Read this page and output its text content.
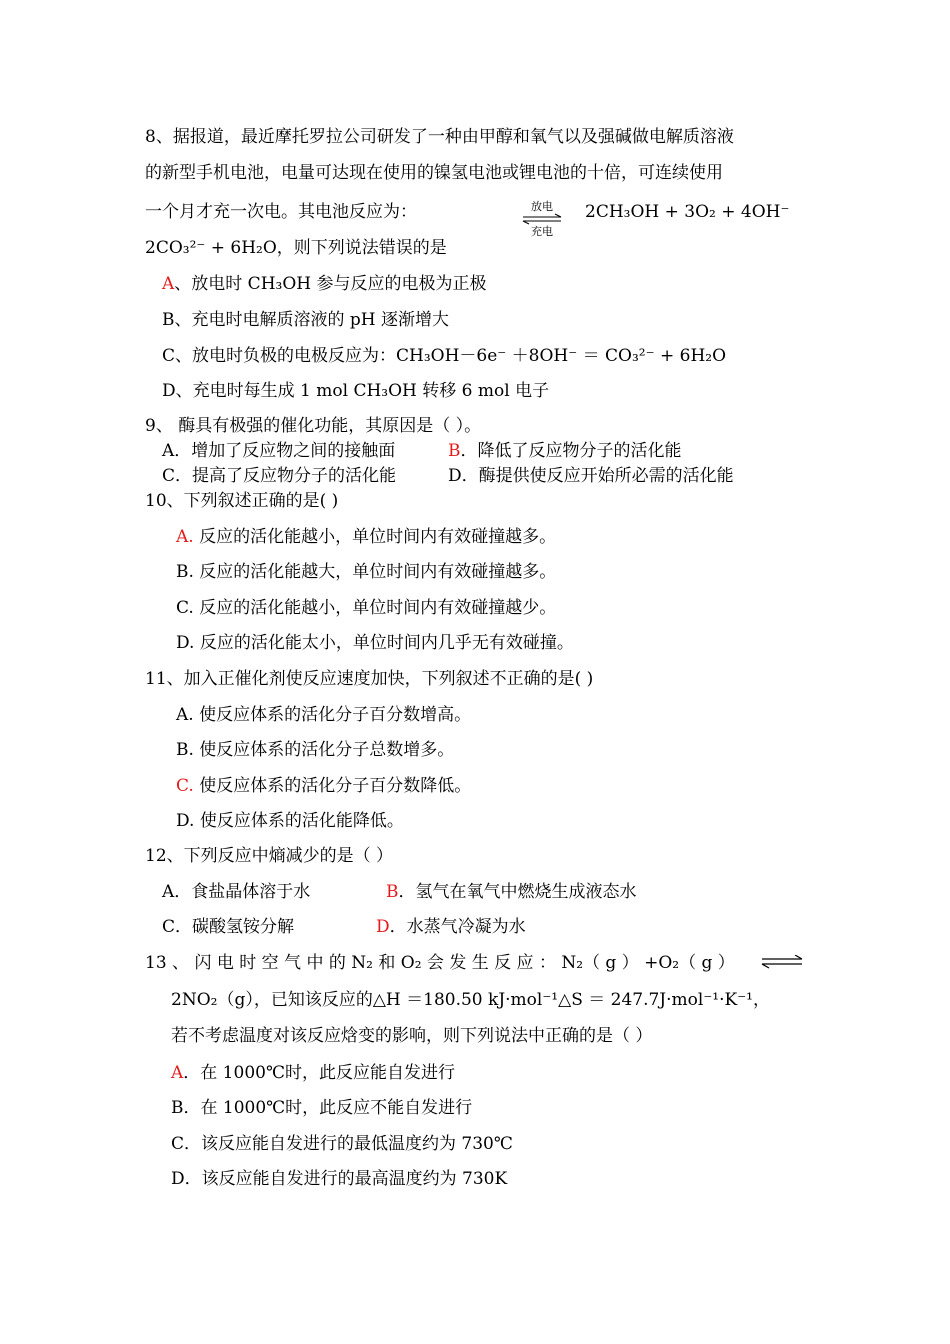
8、据报道，最近摩托罗拉公司研发了一种由甲醇和氧气以及强碱做电解质溶液
的新型手机电池，电量可达现在使用的镍氢电池或锂电池的十倍，可连续使用
一个月才充一次电。其电池反应为：	放电
充电
2CH₃OH + 3O₂ + 4OH⁻
2CO₃²⁻ + 6H₂O，则下列说法错误的是
A、放电时 CH₃OH 参与反应的电极为正极
B、充电时电解质溶液的 pH 逐渐增大
C、放电时负极的电极反应为：CH₃OH－6e⁻ ＋8OH⁻ ＝ CO₃²⁻ + 6H₂O
D、充电时每生成 1 mol CH₃OH 转移 6 mol 电子
9、 酶具有极强的催化功能，其原因是（ ）。
A．增加了反应物之间的接触面	B．降低了反应物分子的活化能
C．提高了反应物分子的活化能	D．酶提供使反应开始所必需的活化能
10、下列叙述正确的是( )
A. 反应的活化能越小，单位时间内有效碰撞越多。
B. 反应的活化能越大，单位时间内有效碰撞越多。
C. 反应的活化能越小，单位时间内有效碰撞越少。
D. 反应的活化能太小，单位时间内几乎无有效碰撞。
11、加入正催化剂使反应速度加快，下列叙述不正确的是( )
A. 使反应体系的活化分子百分数增高。
B. 使反应体系的活化分子总数增多。
C. 使反应体系的活化分子百分数降低。
D. 使反应体系的活化能降低。
12、下列反应中熵减少的是（ ）
A．食盐晶体溶于水	B．氢气在氧气中燃烧生成液态水
C．碳酸氢铵分解	D．水蒸气冷凝为水
13 、 闪 电 时 空 气 中 的 N₂ 和 O₂ 会 发 生 反 应 ： N₂（ g ） +O₂（ g ）
2NO₂（g），已知该反应的△H ＝180.50 kJ·mol⁻¹△S ＝ 247.7J·mol⁻¹·K⁻¹，
若不考虑温度对该反应焓变的影响，则下列说法中正确的是（ ）
A．在 1000℃时，此反应能自发进行
B．在 1000℃时，此反应不能自发进行
C．该反应能自发进行的最低温度约为 730℃
D．该反应能自发进行的最高温度约为 730K
